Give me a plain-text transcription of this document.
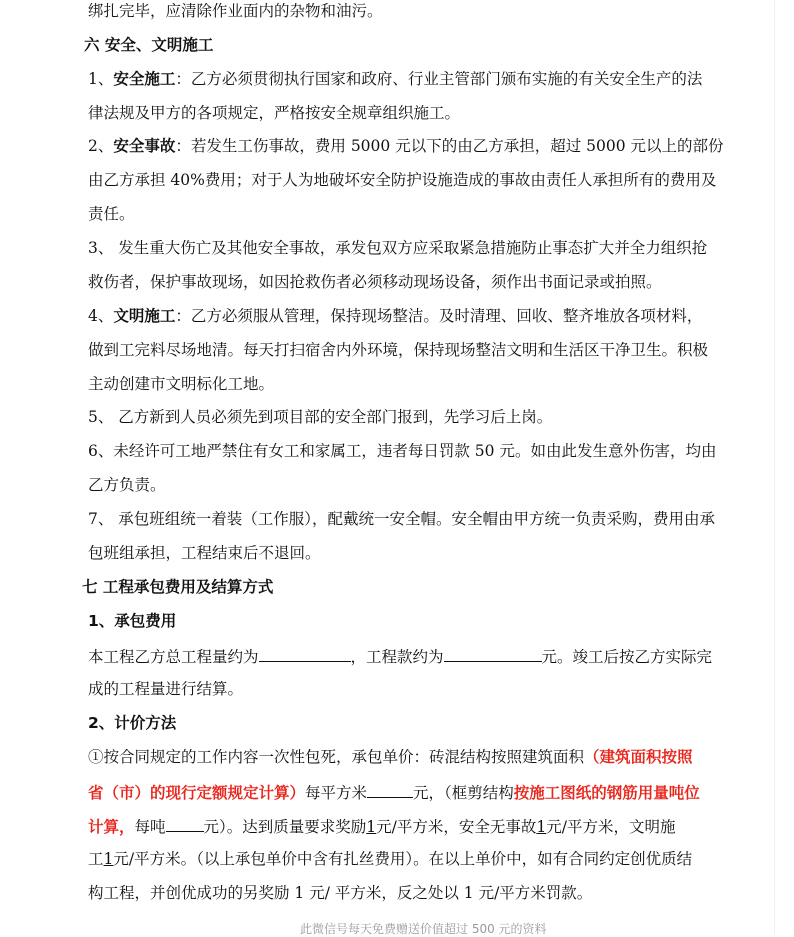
绑扎完毕，应清除作业面内的杂物和油污。
六 安全、文明施工
1、安全施工：乙方必须贯彻执行国家和政府、行业主管部门颁布实施的有关安全生产的法
律法规及甲方的各项规定，严格按安全规章组织施工。
2、安全事故：若发生工伤事故，费用 5000 元以下的由乙方承担，超过 5000 元以上的部份
由乙方承担 40%费用；对于人为地破坏安全防护设施造成的事故由责任人承担所有的费用及
责任。
3、 发生重大伤亡及其他安全事故，承发包双方应采取紧急措施防止事态扩大并全力组织抢
救伤者，保护事故现场，如因抢救伤者必须移动现场设备，须作出书面记录或拍照。
4、文明施工：乙方必须服从管理，保持现场整洁。及时清理、回收、整齐堆放各项材料，
做到工完料尽场地清。每天打扫宿舍内外环境，保持现场整洁文明和生活区干净卫生。积极
主动创建市文明标化工地。
5、 乙方新到人员必须先到项目部的安全部门报到，先学习后上岗。
6、未经许可工地严禁住有女工和家属工，违者每日罚款 50 元。如由此发生意外伤害，均由
乙方负责。
7、 承包班组统一着装（工作服），配戴统一安全帽。安全帽由甲方统一负责采购，费用由承
包班组承担，工程结束后不退回。
七 工程承包费用及结算方式
1、承包费用
本工程乙方总工程量约为	，工程款约为	元。竣工后按乙方实际完
成的工程量进行结算。
2、计价方法
①按合同规定的工作内容一次性包死，承包单价：砖混结构按照建筑面积（建筑面积按照
省（市）的现行定额规定计算）每平方米	元，（框剪结构按施工图纸的钢筋用量吨位
计算，每吨 元）。达到质量要求奖励1元/平方米，安全无事故1元/平方米，文明施
工1元/平方米。（以上承包单价中含有扎丝费用）。在以上单价中，如有合同约定创优质结
构工程，并创优成功的另奖励 1 元/ 平方米，反之处以 1 元/平方米罚款。
此微信号每天免费赠送价值超过 500 元的资料
